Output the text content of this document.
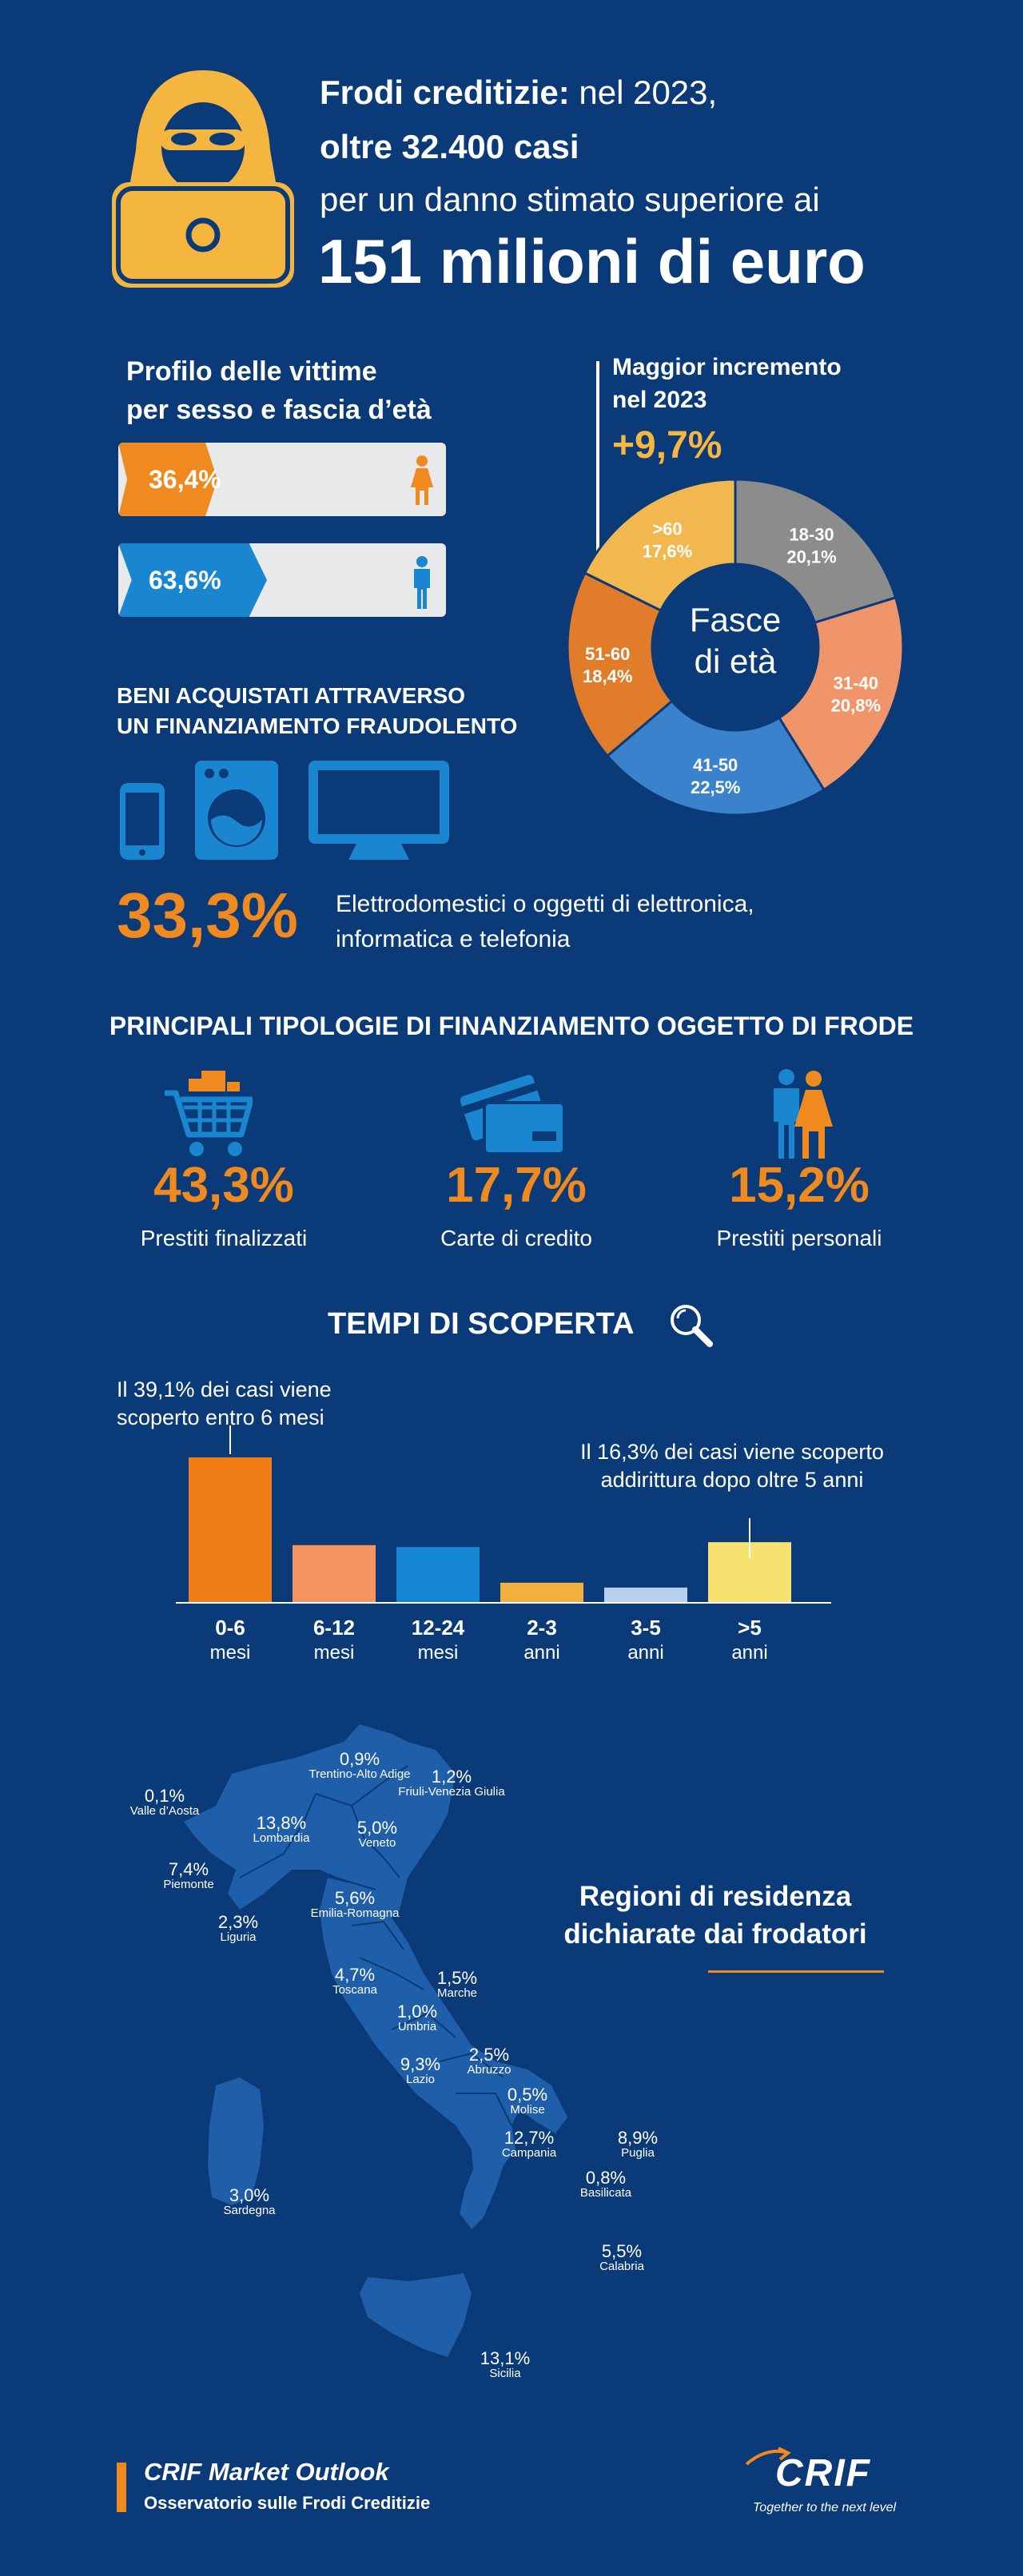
Frodi creditizie: nel 2023,
oltre 32.400 casi
per un danno stimato superiore ai
151 milioni di euro
Profilo delle vittime
per sesso e fascia d’età
36,4%
63,6%
Maggior incremento
nel 2023
+9,7%
Fasce
di età
18-30
20,1%
31-40
20,8%
41-50
22,5%
51-60
18,4%
>60
17,6%
BENI ACQUISTATI ATTRAVERSO
UN FINANZIAMENTO FRAUDOLENTO
33,3% Elettrodomestici o oggetti di elettronica,
informatica e telefonia
PRINCIPALI TIPOLOGIE DI FINANZIAMENTO OGGETTO DI FRODE
43,3%
Prestiti finalizzati
17,7%
Carte di credito
15,2%
Prestiti personali
TEMPI DI SCOPERTA
Il 39,1% dei casi viene
scoperto entro 6 mesi
Il 16,3% dei casi viene scoperto
addirittura dopo oltre 5 anni
0-6
mesi
6-12
mesi
12-24
mesi
2-3
anni
3-5
anni
>5
anni
0,9%
Trentino-Alto Adige	1,2%
Friuli-Venezia Giulia
0,1%
Valle d’Aosta
13,8%
Lombardia
5,0%
Veneto
7,4%
Piemonte
5,6%
Emilia-Romagna
2,3%
Liguria
4,7%
Toscana
1,5%
Marche
1,0%
Umbria
9,3%
Lazio
2,5%
Abruzzo
0,5%
Molise
12,7%
Campania
8,9%
Puglia
0,8%
Basilicata
3,0%
Sardegna
5,5%
Calabria
13,1%
Sicilia
Regioni di residenza
dichiarate dai frodatori
CRIF Market Outlook
Osservatorio sulle Frodi Creditizie
CRIF
Together to the next level
